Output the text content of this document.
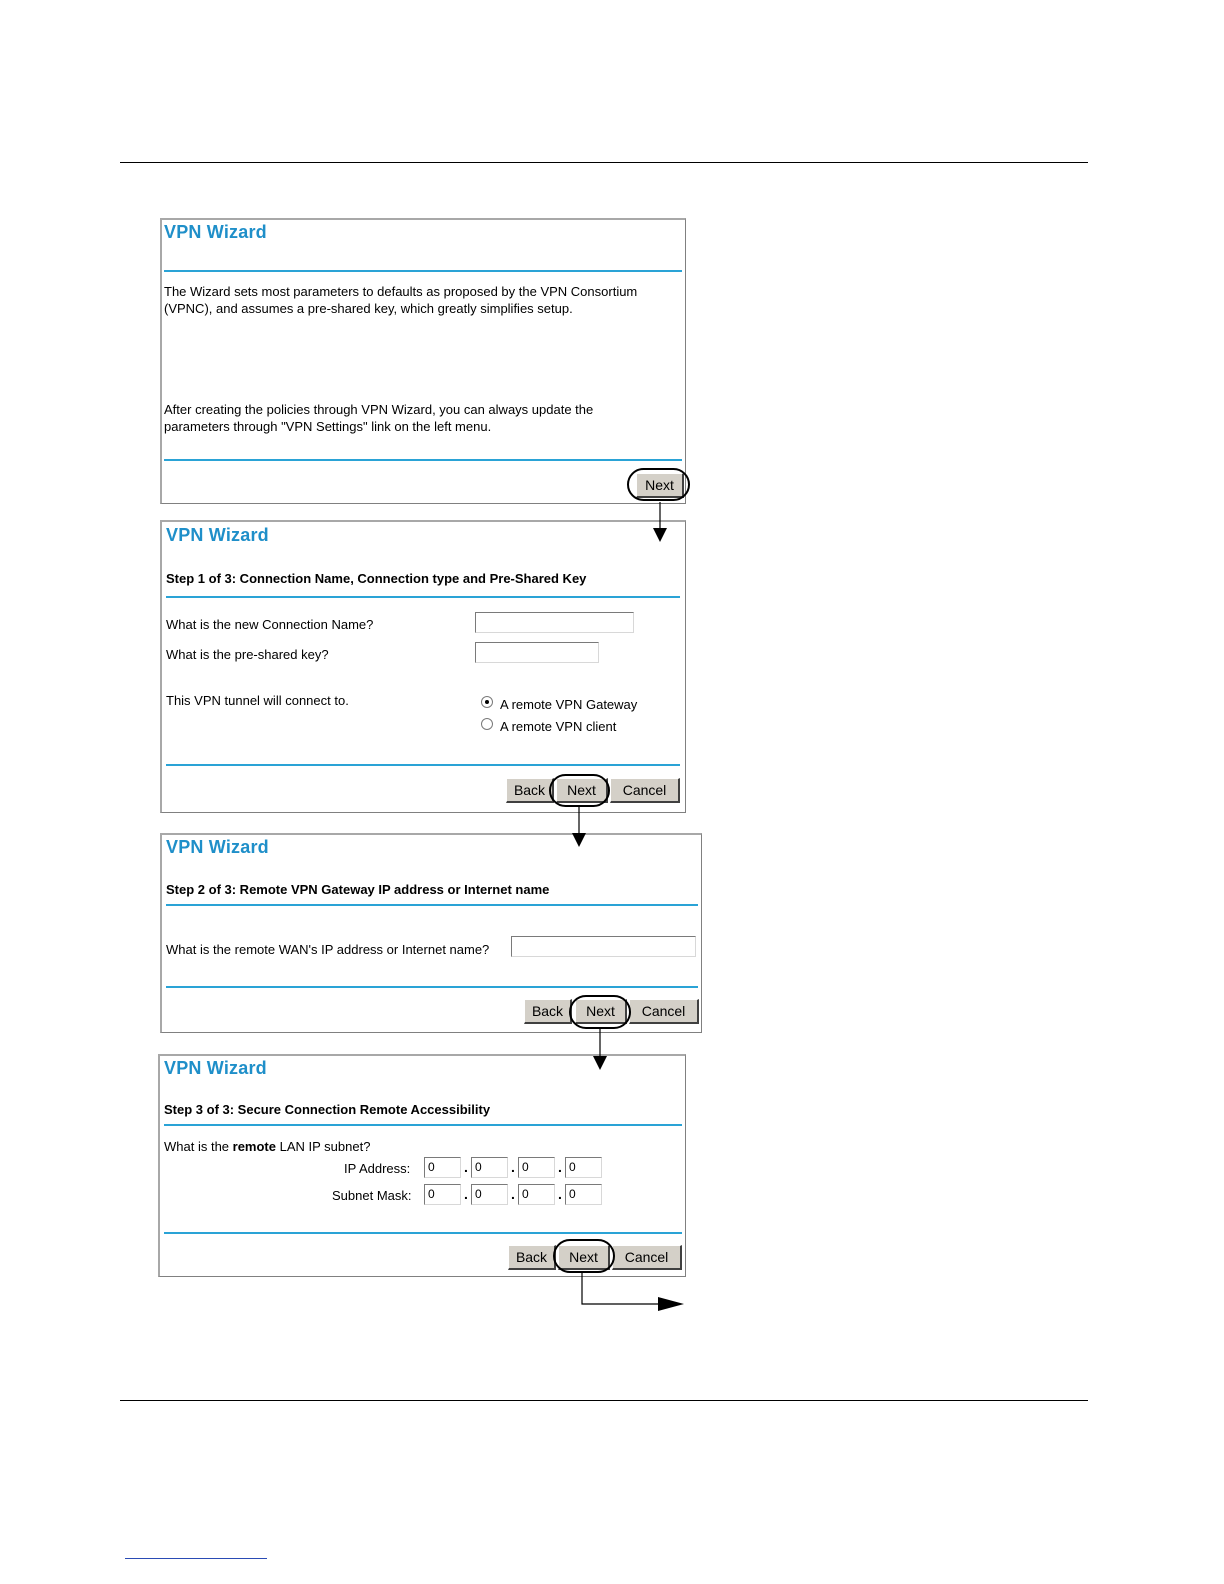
VPN Wizard
The Wizard sets most parameters to defaults as proposed by the VPN Consortium
(VPNC), and assumes a pre-shared key, which greatly simplifies setup.
After creating the policies through VPN Wizard, you can always update the
parameters through "VPN Settings" link on the left menu.
Next
VPN Wizard
Step 1 of 3: Connection Name, Connection type and Pre-Shared Key
What is the new Connection Name?
What is the pre-shared key?
This VPN tunnel will connect to.	A remote VPN Gateway
A remote VPN client
Back	Next	Cancel
VPN Wizard
Step 2 of 3: Remote VPN Gateway IP address or Internet name
What is the remote WAN's IP address or Internet name?
Back	Next	Cancel
VPN Wizard
Step 3 of 3: Secure Connection Remote Accessibility
What is the remote LAN IP subnet?
IP Address:	0	. 0	. 0	. 0
Subnet Mask:	0	. 0	. 0	. 0
Back	Next	Cancel
